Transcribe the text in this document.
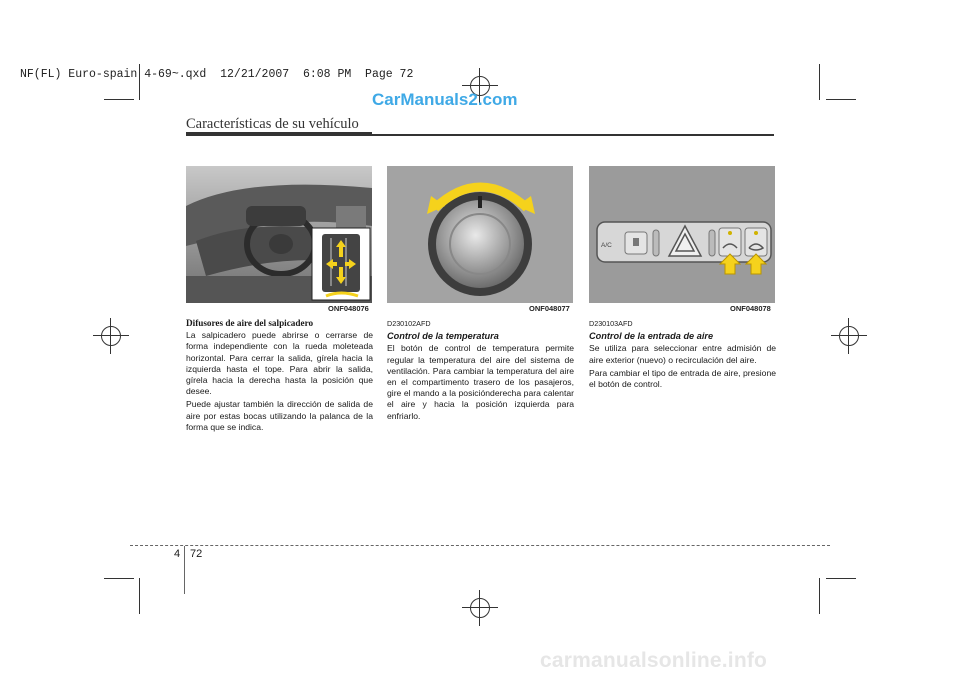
NF(FL) Euro-spain 4-69~.qxd  12/21/2007  6:08 PM  Page 72
CarManuals2.com
Características de su vehículo
ONF048076	ONF048077
A/C
ONF048078

Difusores de aire del salpicadero

La salpicadero puede abrirse o cerrarse de forma independiente con la rueda moleteada horizontal. Para cerrar la salida, gírela hacia la izquierda hasta el tope. Para abrir la salida, gírela hacia la derecha hasta la posición que desee.

Puede ajustar también la dirección de salida de aire por estas bocas utilizando la palanca de la forma que se indica.

D230102AFD

Control de la temperatura

El botón de control de temperatura permite regular la temperatura del aire del sistema de ventilación. Para cambiar la temperatura del aire en el compartimento trasero de los pasajeros, gire el mando a la posiciónderecha para calentar el aire y hacia la posición izquierda para enfriarlo.

D230103AFD

Control de la entrada de aire

Se utiliza para seleccionar entre admisión de aire exterior (nuevo) o recirculación del aire.

Para cambiar el tipo de entrada de aire, presione el botón de control.

4 72
carmanualsonline.info
